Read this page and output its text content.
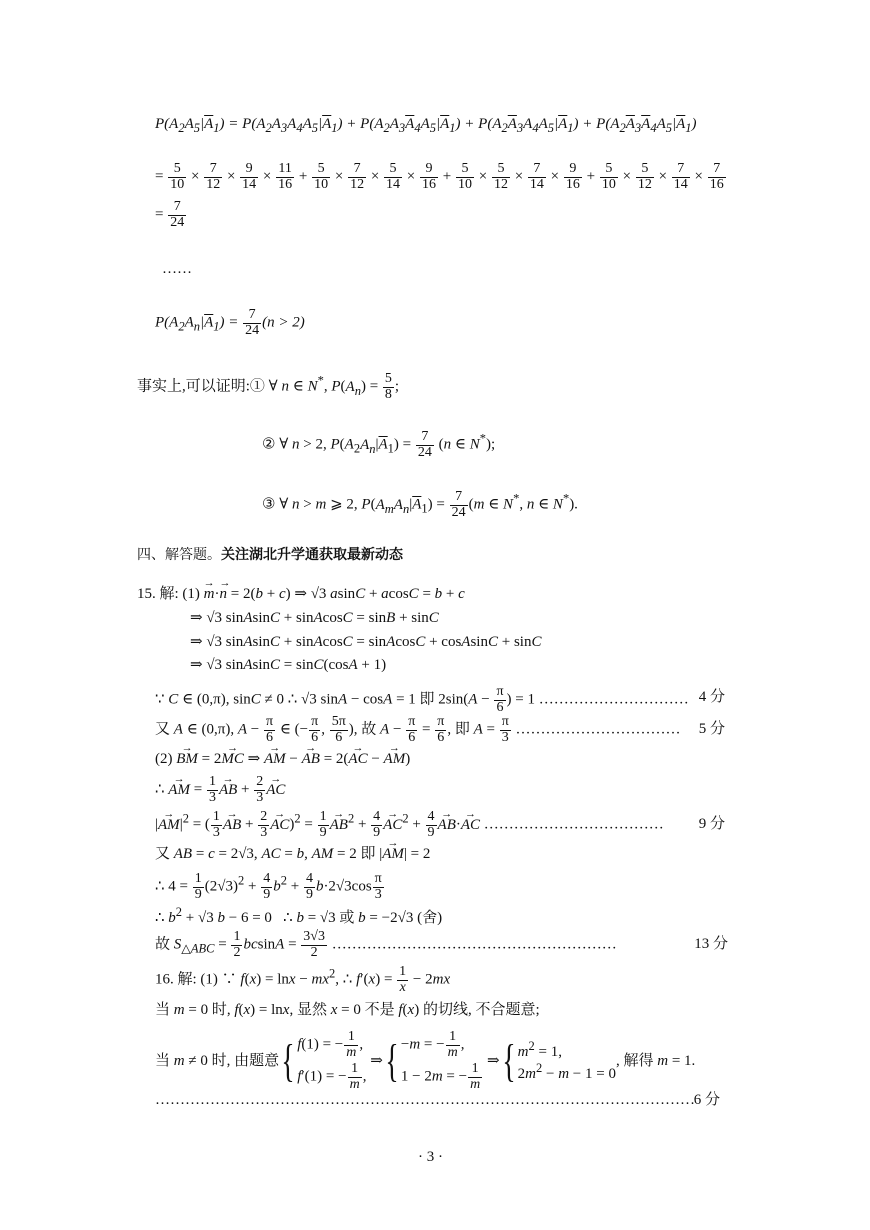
$P(A_2A_5|\overline{A}_1) = P(A_2A_3A_4A_5|\overline{A}_1) + P(A_2A_3\overline{A}_4A_5|\overline{A}_1) + P(A_2\overline{A}_3A_4A_5|\overline{A}_1) + P(A_2\overline{A}_3\overline{A}_4A_5|\overline{A}_1)$
= $\frac{5}{10} \times \frac{7}{12} \times \frac{9}{14} \times \frac{11}{16} + \frac{5}{10} \times \frac{7}{12} \times \frac{5}{14} \times \frac{9}{16} + \frac{5}{10} \times \frac{5}{12} \times \frac{7}{14} \times \frac{9}{16} + \frac{5}{10} \times \frac{5}{12} \times \frac{7}{14} \times \frac{7}{16}$
= $\frac{7}{24}$
……
$P(A_2A_n|\overline{A}_1) = \frac{7}{24} (n > 2)$
事实上,可以证明:① ∀ n ∈ N*, $P(A_n) = \frac{5}{8}$ ;
② ∀ n > 2, $P(A_2A_n|\overline{A}_1) = \frac{7}{24} (n$ ∈ N*);
③ ∀ n > m ⩾ 2, $P(A_mA_n|\overline{A}_1) = \frac{7}{24} (m$ ∈ N*, n ∈ N*).
四、解答题。关注湖北升学通获取最新动态
15. 解: (1) → m·→ n = 2(b + c) ⇒ √3 asinC + acosC = b + c
⇒ √3 sinAsinC + sinAcosC = sinB + sinC
⇒ √3 sinAsinC + sinAcosC = sinAcosC + cosAsinC + sinC
⇒ √3 sinAsinC = sinC(cosA + 1)
∵ C ∈ (0,π), sinC ≠ 0 ∴ √3 sinA − cosA = 1 即 $2\sin(A - \frac{\pi}{6}$ ) = 1 ………………………… 4 分
又 A ∈ (0,π), $A - \frac{\pi}{6}$ ∈ (− $\frac{\pi}{6}$ , $\frac{5\pi}{6}$ ), 故 $A - \frac{\pi}{6} = \frac{\pi}{6}$ , 即 $A = \frac{\pi}{3}$ …………………………… 5 分
(2) → BM = 2→ MC ⇒ → AM − → AB = 2(→ AC − → AM)
∴ → AM = $\frac{1}{3}$ → AB + $\frac{2}{3}$ → AC
|→ $AM|^2$ = ( $\frac{1}{3}$ → AB + $\frac{2}{3} \to AC)^2 = \frac{1}{9} \to AB^2 + \frac{4}{9} \to AC^2 + \frac{4}{9} \to AB\cdot\to$ AC ……………………………… 9 分
又 AB = c = 2√3, AC = b, AM = 2 即 |→ AM| = 2
∴ $4 = \frac{1}{9} (2√3)^2 + \frac{4}{9} b^2 + \frac{4}{9} b\cdot 2√3\cos \frac{\pi}{3}$
∴ $b^2 + √3$ b − 6 = 0   ∴ b = √3 或 b = −2√3 (舍)
故 $S_{\triangle ABC} = \frac{1}{2}$ $bcsinA = \frac{3√3}{2}$ …………………………………………………	13 分
16. 解: (1) ∵ $f(x) = \ln x - mx^2$, ∴ $f'(x) = \frac{1}{x} - 2mx$
当 m = 0 时, f(x) = lnx, 显然 x = 0 不是 f(x) 的切线, 不合题意;
当 m ≠ 0 时, 由题意{ f(1) = − $\frac{1}{m}$ ,
f′(1) = − $\frac{1}{m}$ ,
⇒{ −m = − $\frac{1}{m}$ ,
1 − 2m = − $\frac{1}{m}$
⇒{ $m^2 = 1$,
$2m^2 - m - 1 = 0$
, 解得 m = 1.
………………………………………………………………………………………………
6 分
· 3 ·
